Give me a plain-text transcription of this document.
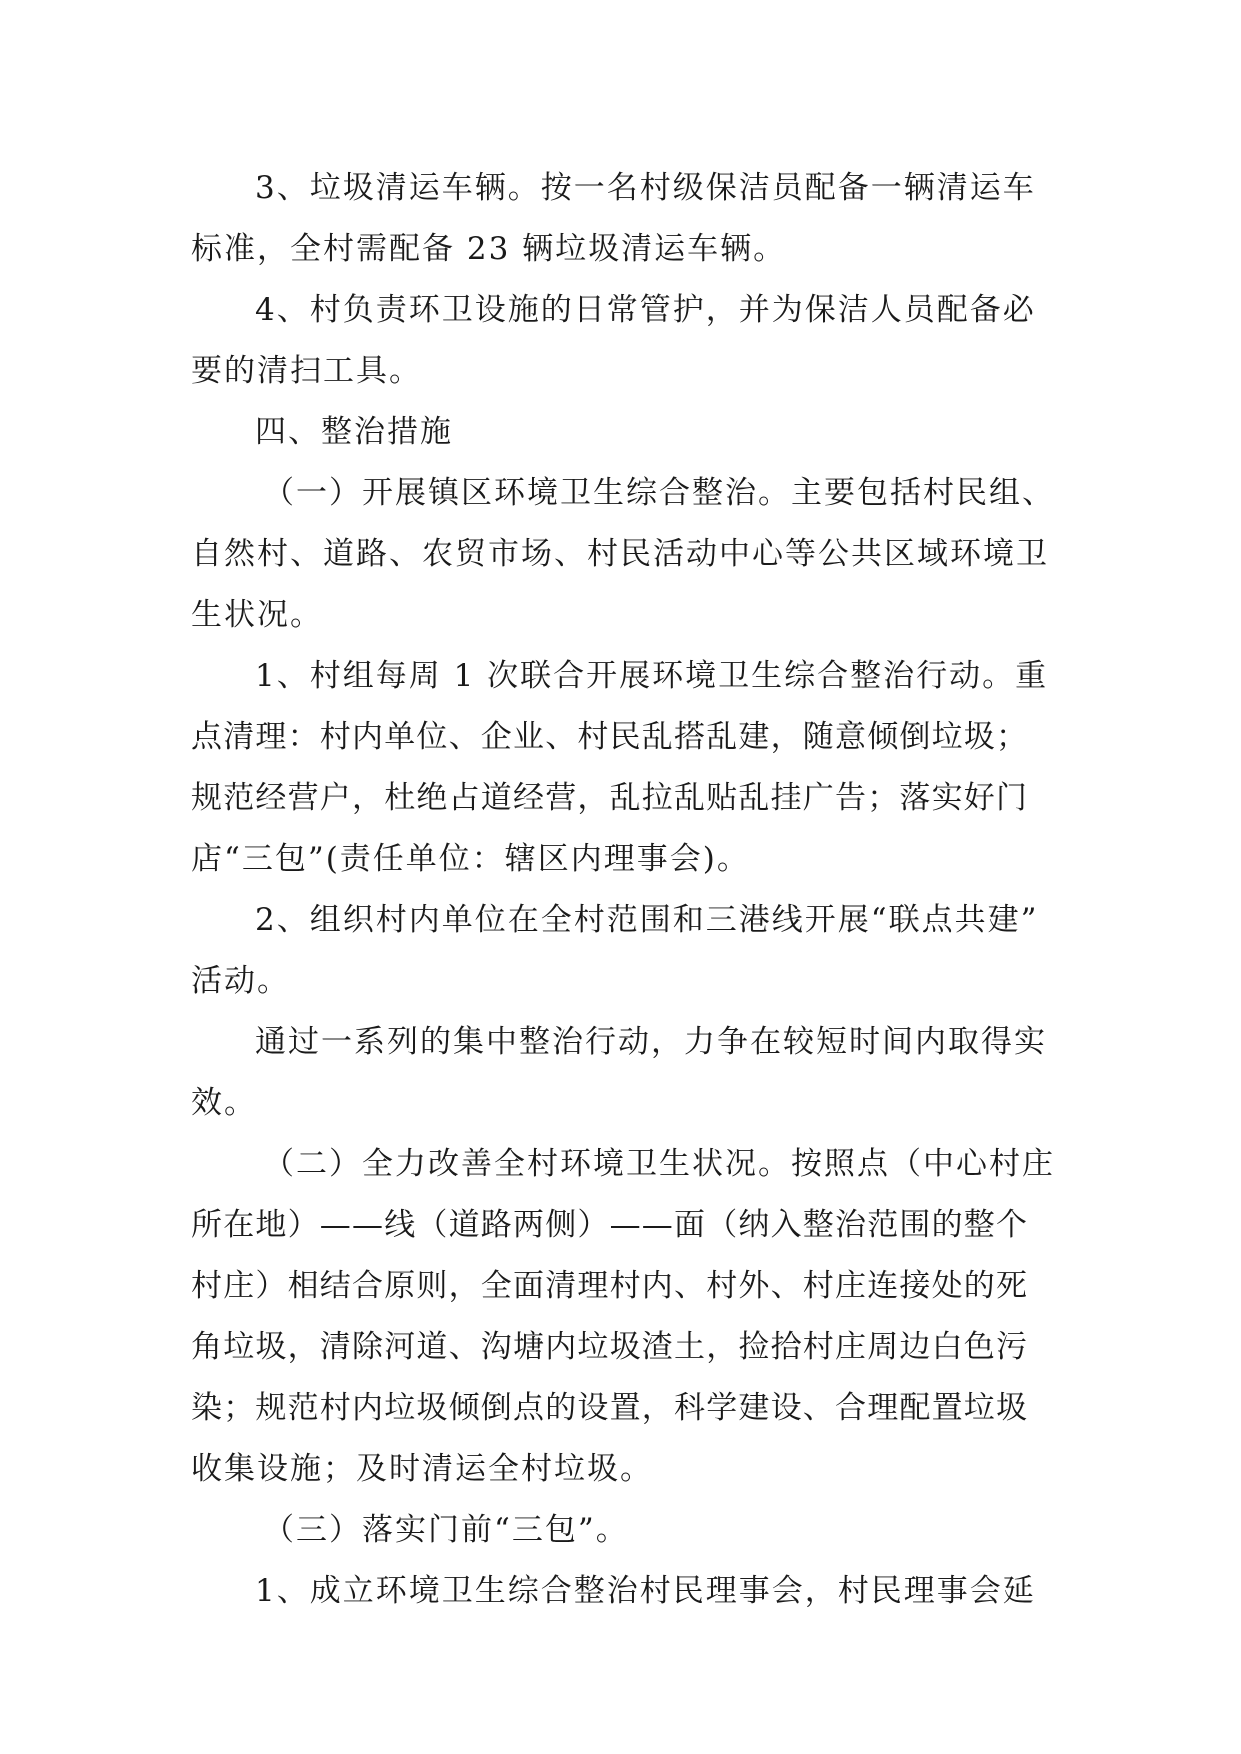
3、垃圾清运车辆。按一名村级保洁员配备一辆清运车
标准，全村需配备 23 辆垃圾清运车辆。

4、村负责环卫设施的日常管护，并为保洁人员配备必
要的清扫工具。

四、整治措施

（一）开展镇区环境卫生综合整治。主要包括村民组、
自然村、道路、农贸市场、村民活动中心等公共区域环境卫
生状况。

1、村组每周 1 次联合开展环境卫生综合整治行动。重
点清理：村内单位、企业、村民乱搭乱建，随意倾倒垃圾；
规范经营户，杜绝占道经营，乱拉乱贴乱挂广告；落实好门
店“三包”(责任单位：辖区内理事会)。

2、组织村内单位在全村范围和三港线开展“联点共建”
活动。

通过一系列的集中整治行动，力争在较短时间内取得实
效。

（二）全力改善全村环境卫生状况。按照点（中心村庄
所在地）——线（道路两侧）——面（纳入整治范围的整个
村庄）相结合原则，全面清理村内、村外、村庄连接处的死
角垃圾，清除河道、沟塘内垃圾渣土，捡拾村庄周边白色污
染；规范村内垃圾倾倒点的设置，科学建设、合理配置垃圾
收集设施；及时清运全村垃圾。

（三）落实门前“三包”。

1、成立环境卫生综合整治村民理事会，村民理事会延
